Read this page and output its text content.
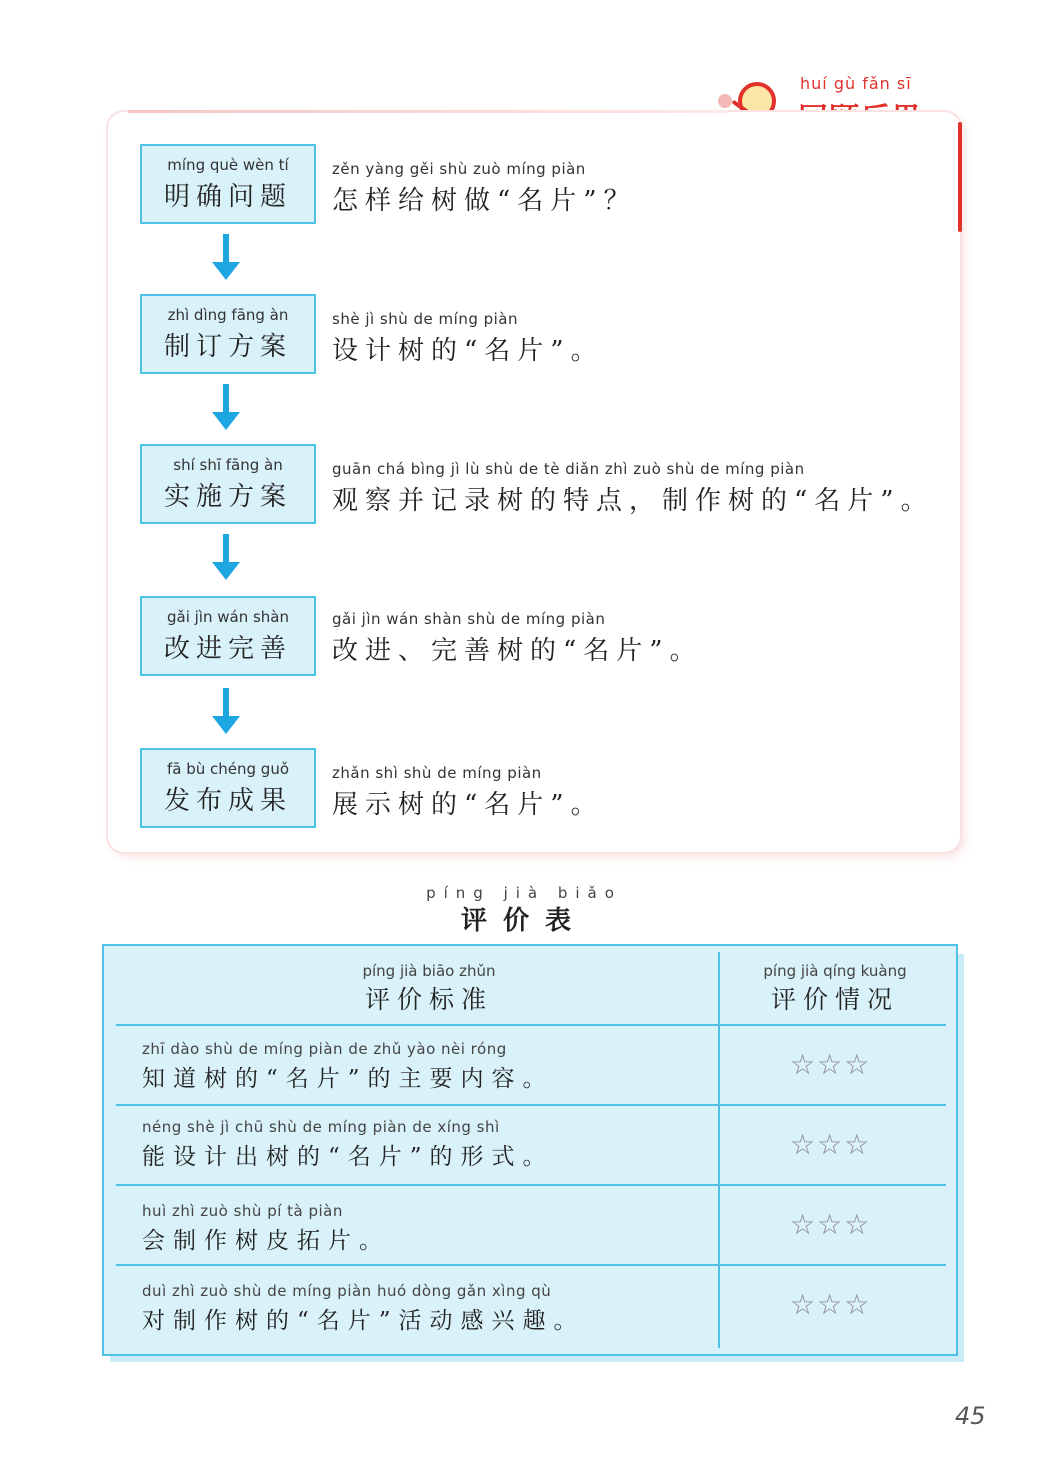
huí gù fǎn sī
míng què wèn tí
明确问题
zěn yàng gěi shù zuò míng piàn
怎样给树做“名片”？
zhì dìng fāng àn
制订方案
shè jì shù de míng piàn
设计树的“名片”。
shí shī fāng àn
实施方案
guān chá bìng jì lù shù de tè diǎn zhì zuò shù de míng piàn
观察并记录树的特点，制作树的“名片”。
gǎi jìn wán shàn
改进完善
gǎi jìn wán shàn shù de míng piàn
改进、完善树的“名片”。
fā bù chéng guǒ
发布成果
zhǎn shì shù de míng piàn
展示树的“名片”。
píng jià biǎo
评价表
píng jià biāo zhǔn
评价标准
píng jià qíng kuàng
评价情况
zhī dào shù de míng piàn de zhǔ yào nèi róng
知道树的“名片”的主要内容。	☆☆☆
néng shè jì chū shù de míng piàn de xíng shì
能设计出树的“名片”的形式。	☆☆☆
huì zhì zuò shù pí tà piàn
会制作树皮拓片。	☆☆☆
duì zhì zuò shù de míng piàn huó dòng gǎn xìng qù
对制作树的“名片”活动感兴趣。	☆☆☆
45
